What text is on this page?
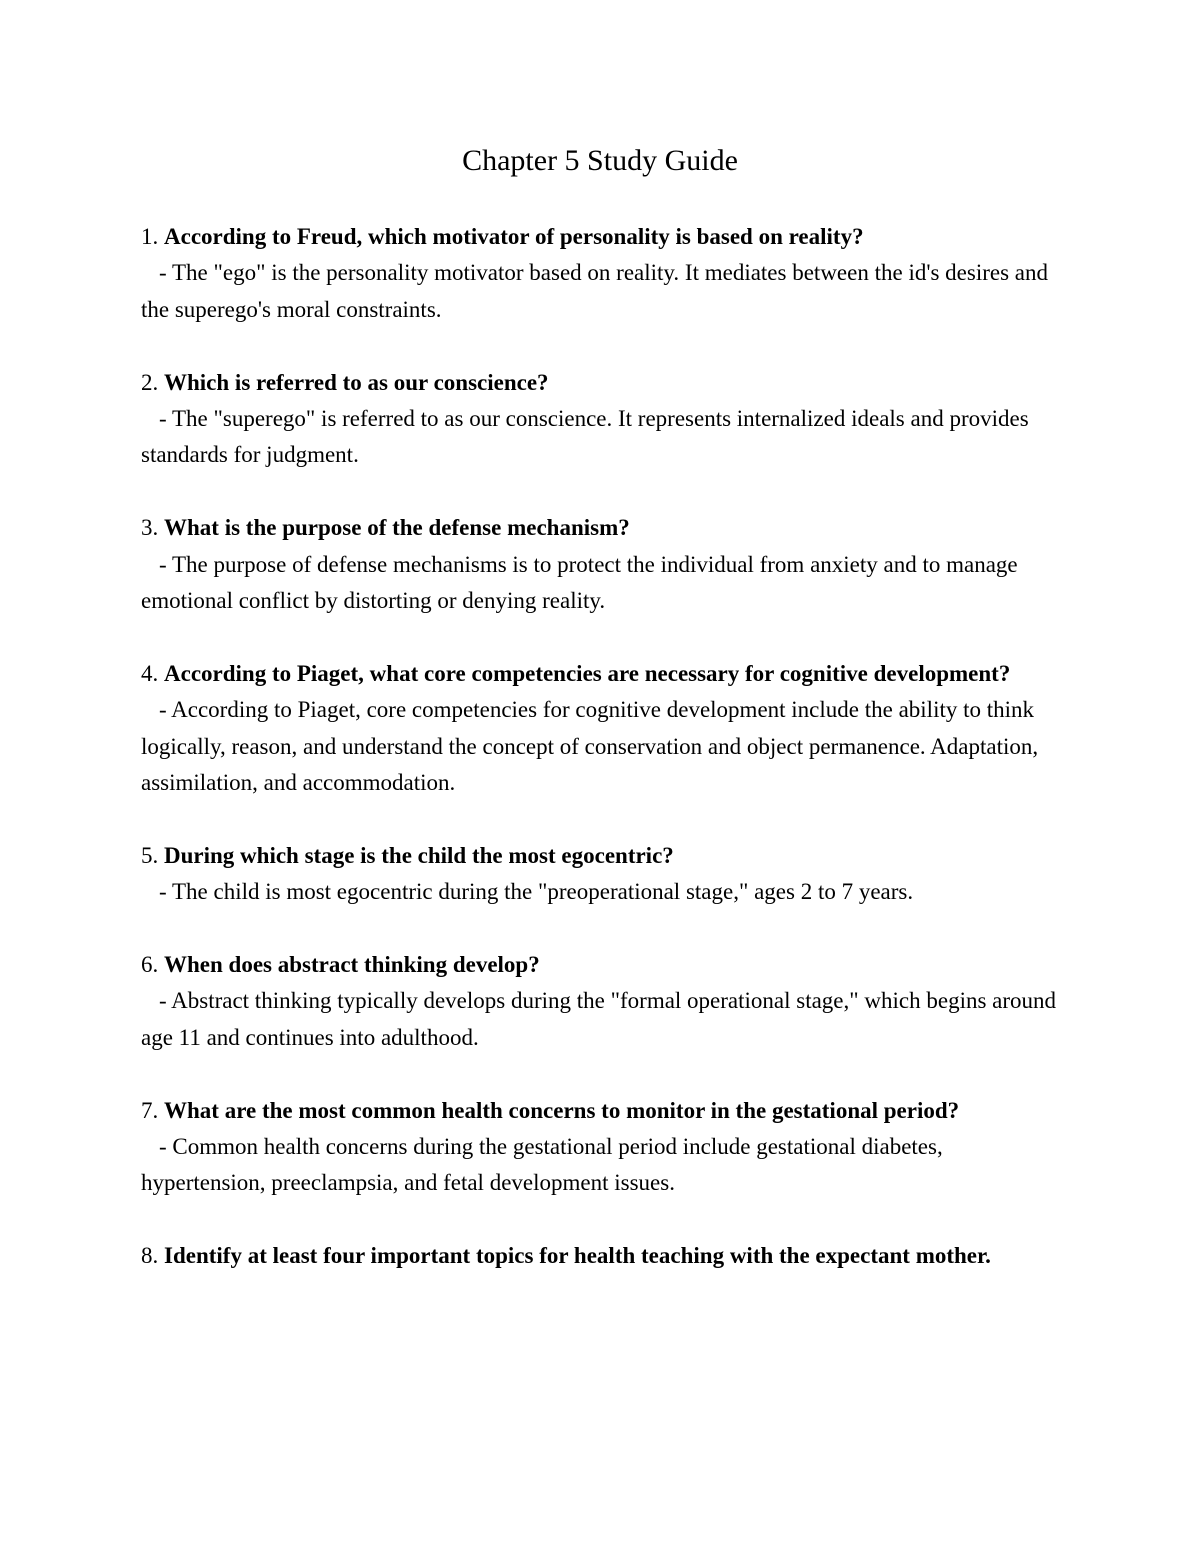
Chapter 5 Study Guide

1. According to Freud, which motivator of personality is based on reality?

- The "ego" is the personality motivator based on reality. It mediates between the id's desires and the superego's moral constraints.

2. Which is referred to as our conscience?

- The "superego" is referred to as our conscience. It represents internalized ideals and provides standards for judgment.

3. What is the purpose of the defense mechanism?

- The purpose of defense mechanisms is to protect the individual from anxiety and to manage emotional conflict by distorting or denying reality.

4. According to Piaget, what core competencies are necessary for cognitive development?

- According to Piaget, core competencies for cognitive development include the ability to think logically, reason, and understand the concept of conservation and object permanence. Adaptation, assimilation, and accommodation.

5. During which stage is the child the most egocentric?

- The child is most egocentric during the "preoperational stage," ages 2 to 7 years.

6. When does abstract thinking develop?

- Abstract thinking typically develops during the "formal operational stage," which begins around age 11 and continues into adulthood.

7. What are the most common health concerns to monitor in the gestational period?

- Common health concerns during the gestational period include gestational diabetes, hypertension, preeclampsia, and fetal development issues.

8. Identify at least four important topics for health teaching with the expectant mother.
